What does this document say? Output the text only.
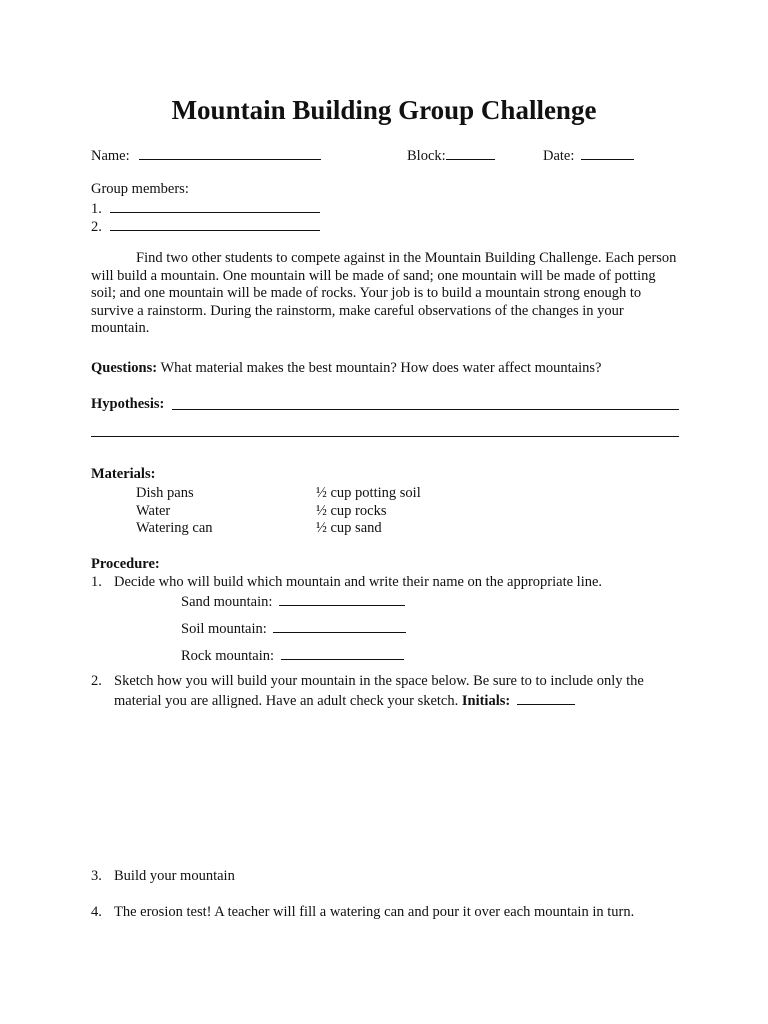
Mountain Building Group Challenge
Name:	Block:	Date:
Group members:
1.
2.
Find two other students to compete against in the Mountain Building Challenge. Each person will build a mountain. One mountain will be made of sand; one mountain will be made of potting soil; and one mountain will be made of rocks. Your job is to build a mountain strong enough to survive a rainstorm. During the rainstorm, make careful observations of the changes in your mountain.
Questions: What material makes the best mountain? How does water affect mountains?
Hypothesis:
Materials:
Dish pans
Water
Watering can
½ cup potting soil
½ cup rocks
½ cup sand
Procedure:
1. Decide who will build which mountain and write their name on the appropriate line.
Sand mountain:
Soil mountain:
Rock mountain:
2. Sketch how you will build your mountain in the space below. Be sure to to include only the
material you are alligned. Have an adult check your sketch. Initials:
3. Build your mountain
4. The erosion test! A teacher will fill a watering can and pour it over each mountain in turn.
